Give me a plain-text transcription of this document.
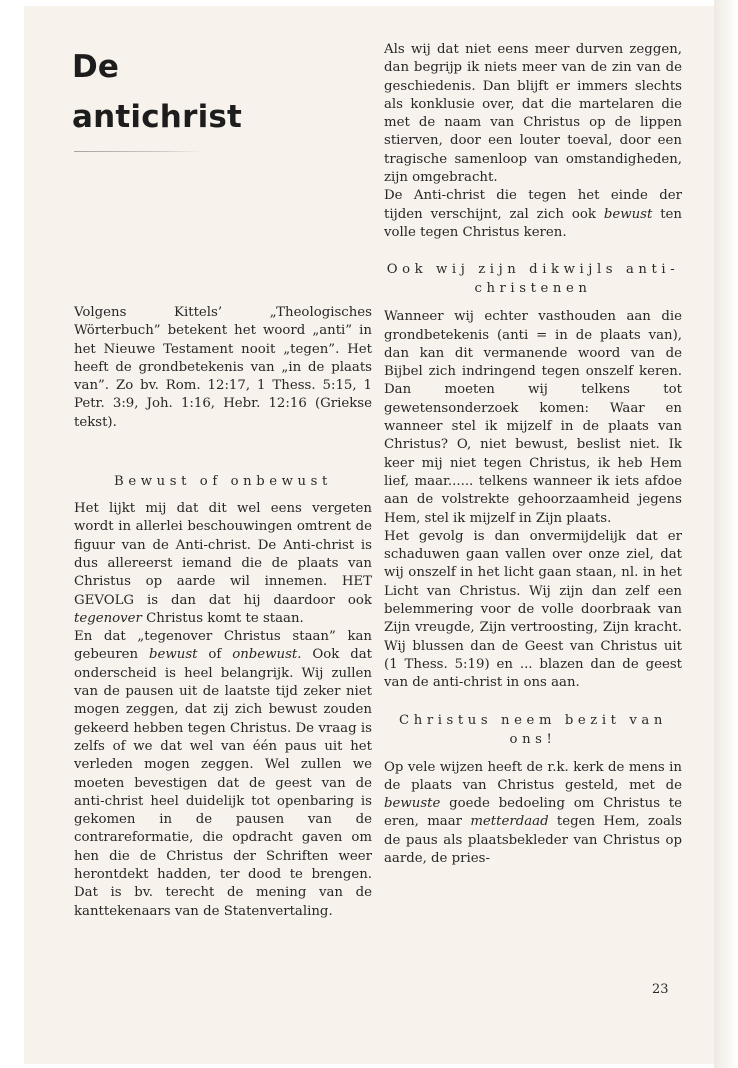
De
antichrist

Volgens Kittels’ „Theologisches Wörterbuch” betekent het woord „anti” in het Nieuwe Testament nooit „tegen”. Het heeft de grondbetekenis van „in de plaats van”. Zo bv. Rom. 12:17, 1 Thess. 5:15, 1 Petr. 3:9, Joh. 1:16, Hebr. 12:16 (Griekse tekst).

Bewust of onbewust

Het lijkt mij dat dit wel eens vergeten wordt in allerlei beschouwingen omtrent de figuur van de Anti-christ. De Anti-christ is dus allereerst iemand die de plaats van Christus op aarde wil innemen. HET GEVOLG is dan dat hij daardoor ook tegenover Christus komt te staan.

En dat „tegenover Christus staan” kan gebeuren bewust of onbewust. Ook dat onderscheid is heel belangrijk. Wij zullen van de pausen uit de laatste tijd zeker niet mogen zeggen, dat zij zich bewust zouden gekeerd hebben tegen Christus. De vraag is zelfs of we dat wel van één paus uit het verleden mogen zeggen. Wel zullen we moeten bevestigen dat de geest van de anti-christ heel duidelijk tot openbaring is gekomen in de pausen van de contrareformatie, die opdracht gaven om hen die de Christus der Schriften weer herontdekt hadden, ter dood te brengen. Dat is bv. terecht de mening van de kanttekenaars van de Statenvertaling.

Als wij dat niet eens meer durven zeggen, dan begrijp ik niets meer van de zin van de geschiedenis. Dan blijft er immers slechts als konklusie over, dat die martelaren die met de naam van Christus op de lippen stierven, door een louter toeval, door een tragische samenloop van omstandigheden, zijn omgebracht.

De Anti-christ die tegen het einde der tijden verschijnt, zal zich ook bewust ten volle tegen Christus keren.

Ook wij zijn dikwijls anti-christenen

Wanneer wij echter vasthouden aan die grondbetekenis (anti = in de plaats van), dan kan dit vermanende woord van de Bijbel zich indringend tegen onszelf keren. Dan moeten wij telkens tot gewetensonderzoek komen: Waar en wanneer stel ik mijzelf in de plaats van Christus? O, niet bewust, beslist niet. Ik keer mij niet tegen Christus, ik heb Hem lief, maar...... telkens wanneer ik iets afdoe aan de volstrekte gehoorzaamheid jegens Hem, stel ik mijzelf in Zijn plaats.

Het gevolg is dan onvermijdelijk dat er schaduwen gaan vallen over onze ziel, dat wij onszelf in het licht gaan staan, nl. in het Licht van Christus. Wij zijn dan zelf een belemmering voor de volle doorbraak van Zijn vreugde, Zijn vertroosting, Zijn kracht. Wij blussen dan de Geest van Christus uit (1 Thess. 5:19) en ... blazen dan de geest van de anti-christ in ons aan.

Christus neem bezit van ons!

Op vele wijzen heeft de r.k. kerk de mens in de plaats van Christus gesteld, met de bewuste goede bedoeling om Christus te eren, maar metterdaad tegen Hem, zoals de paus als plaatsbekleder van Christus op aarde, de pries-

23
